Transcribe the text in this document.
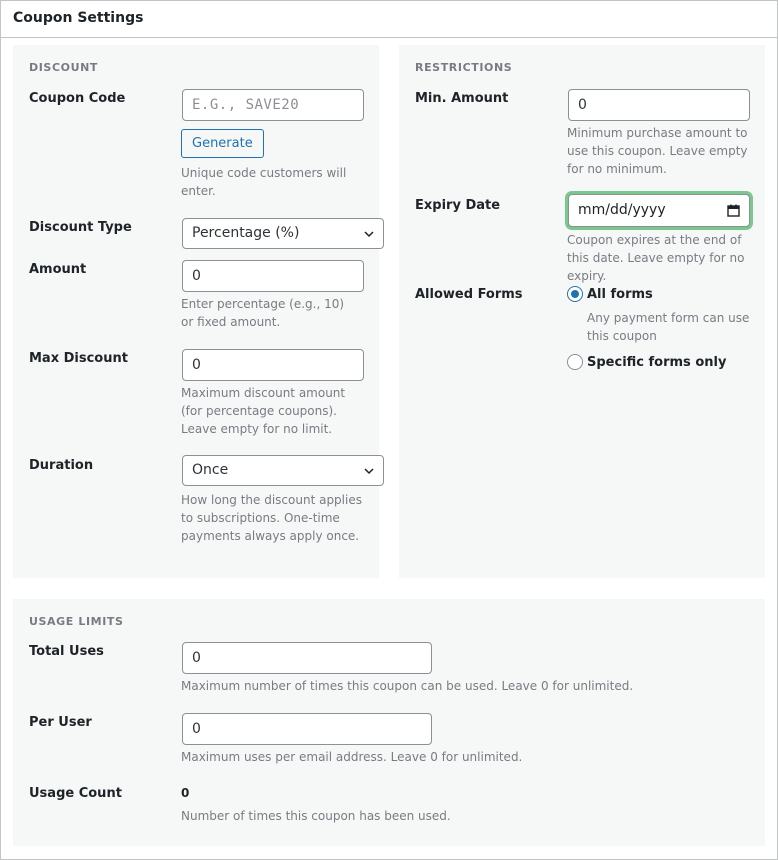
Coupon Settings
DISCOUNT
Coupon Code	E.G., SAVE20
Generate
Unique code customers will enter.
Discount Type	Percentage (%)
Amount	0
Enter percentage (e.g., 10) or fixed amount.
Max Discount	0
Maximum discount amount (for percentage coupons). Leave empty for no limit.
Duration	Once
How long the discount applies to subscriptions. One-time payments always apply once.
RESTRICTIONS
Min. Amount	0
Minimum purchase amount to use this coupon. Leave empty for no minimum.
Expiry Date	mm/dd/yyyy
Coupon expires at the end of this date. Leave empty for no expiry.
Allowed Forms	All forms
Any payment form can use this coupon
Specific forms only
USAGE LIMITS
Total Uses	0
Maximum number of times this coupon can be used. Leave 0 for unlimited.
Per User	0
Maximum uses per email address. Leave 0 for unlimited.
Usage Count	0
Number of times this coupon has been used.
